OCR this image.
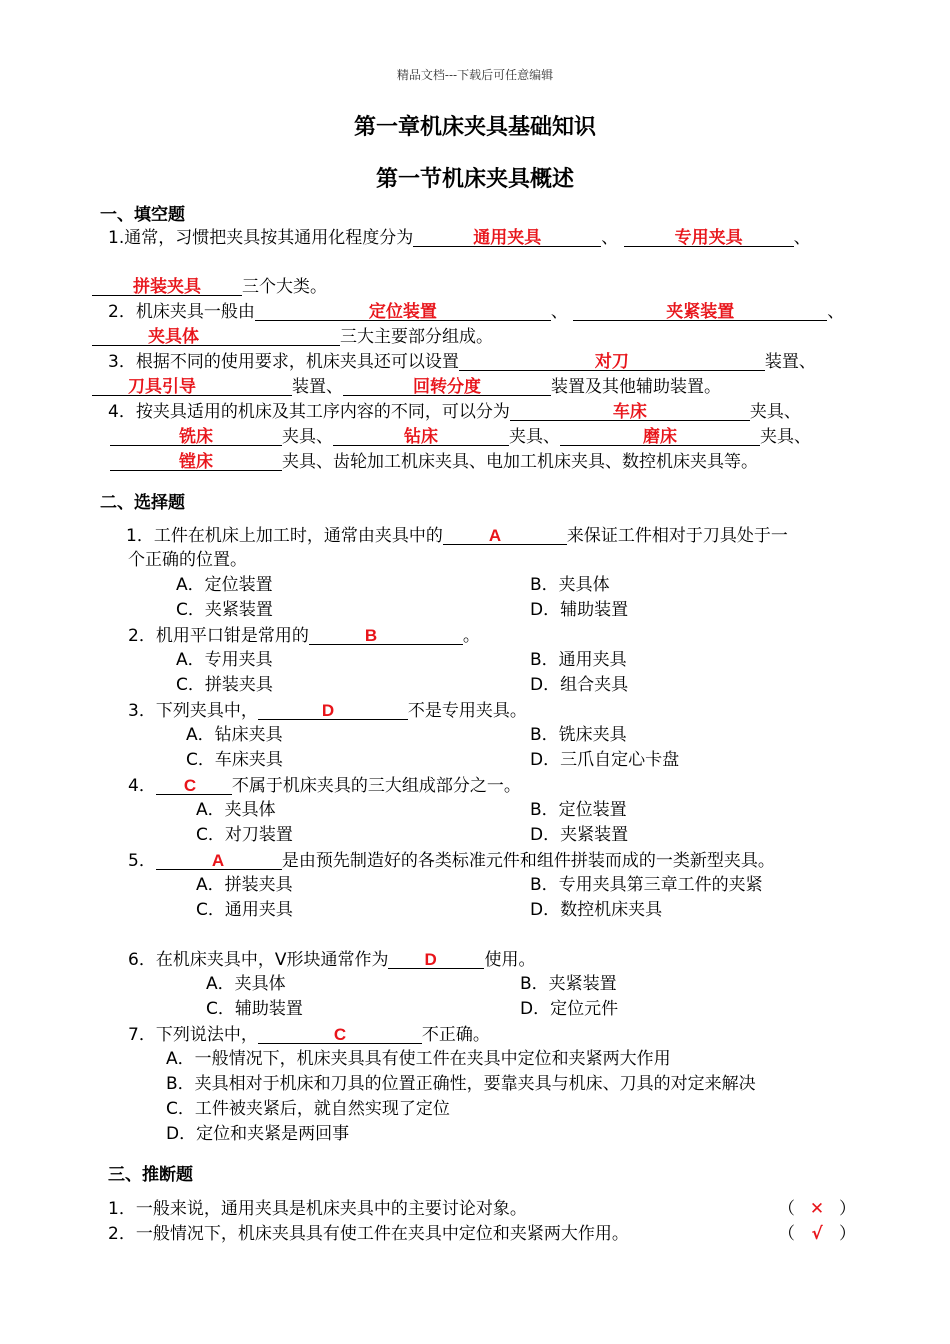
精品文档---下载后可任意编辑
第一章机床夹具基础知识
第一节机床夹具概述
一、填空题
1.通常，习惯把夹具按其通用化程度分为	通用夹具	、	专用夹具	、
拼装夹具 三个大类。
2．机床夹具一般由	定位装置	、	夹紧装置	、
夹具体	三大主要部分组成。
3．根据不同的使用要求，机床夹具还可以设置	对刀	装置、
刀具引导	装置、	回转分度	装置及其他辅助装置。
4．按夹具适用的机床及其工序内容的不同，可以分为	车床	夹具、
铣床	夹具、	钻床	夹具、	磨床	夹具、
镗床	夹具、齿轮加工机床夹具、电加工机床夹具、数控机床夹具等。
二、选择题
1．工件在机床上加工时，通常由夹具中的	A	来保证工件相对于刀具处于一
个正确的位置。
A．定位装置	B．夹具体
C．夹紧装置	D．辅助装置
2．机用平口钳是常用的	B	。
A．专用夹具	B．通用夹具
C．拼装夹具	D．组合夹具
3．下列夹具中，	D	不是专用夹具。
A．钻床夹具	B．铣床夹具
C．车床夹具	D．三爪自定心卡盘
4． C 不属于机床夹具的三大组成部分之一。
A．夹具体	B．定位装置
C．对刀装置	D．夹紧装置
5．	A	是由预先制造好的各类标准元件和组件拼装而成的一类新型夹具。
A．拼装夹具	B．专用夹具第三章工件的夹紧
C．通用夹具	D．数控机床夹具
6．在机床夹具中，V形块通常作为 D	使用。
A．夹具体	B．夹紧装置
C．辅助装置	D．定位元件
7．下列说法中，	C	不正确。
A．一般情况下，机床夹具具有使工件在夹具中定位和夹紧两大作用
B．夹具相对于机床和刀具的位置正确性，要靠夹具与机床、刀具的对定来解决
C．工件被夹紧后，就自然实现了定位
D．定位和夹紧是两回事
三、推断题
1．一般来说，通用夹具是机床夹具中的主要讨论对象。	（ ✕ ）
2．一般情况下，机床夹具具有使工件在夹具中定位和夹紧两大作用。	（ √ ）
